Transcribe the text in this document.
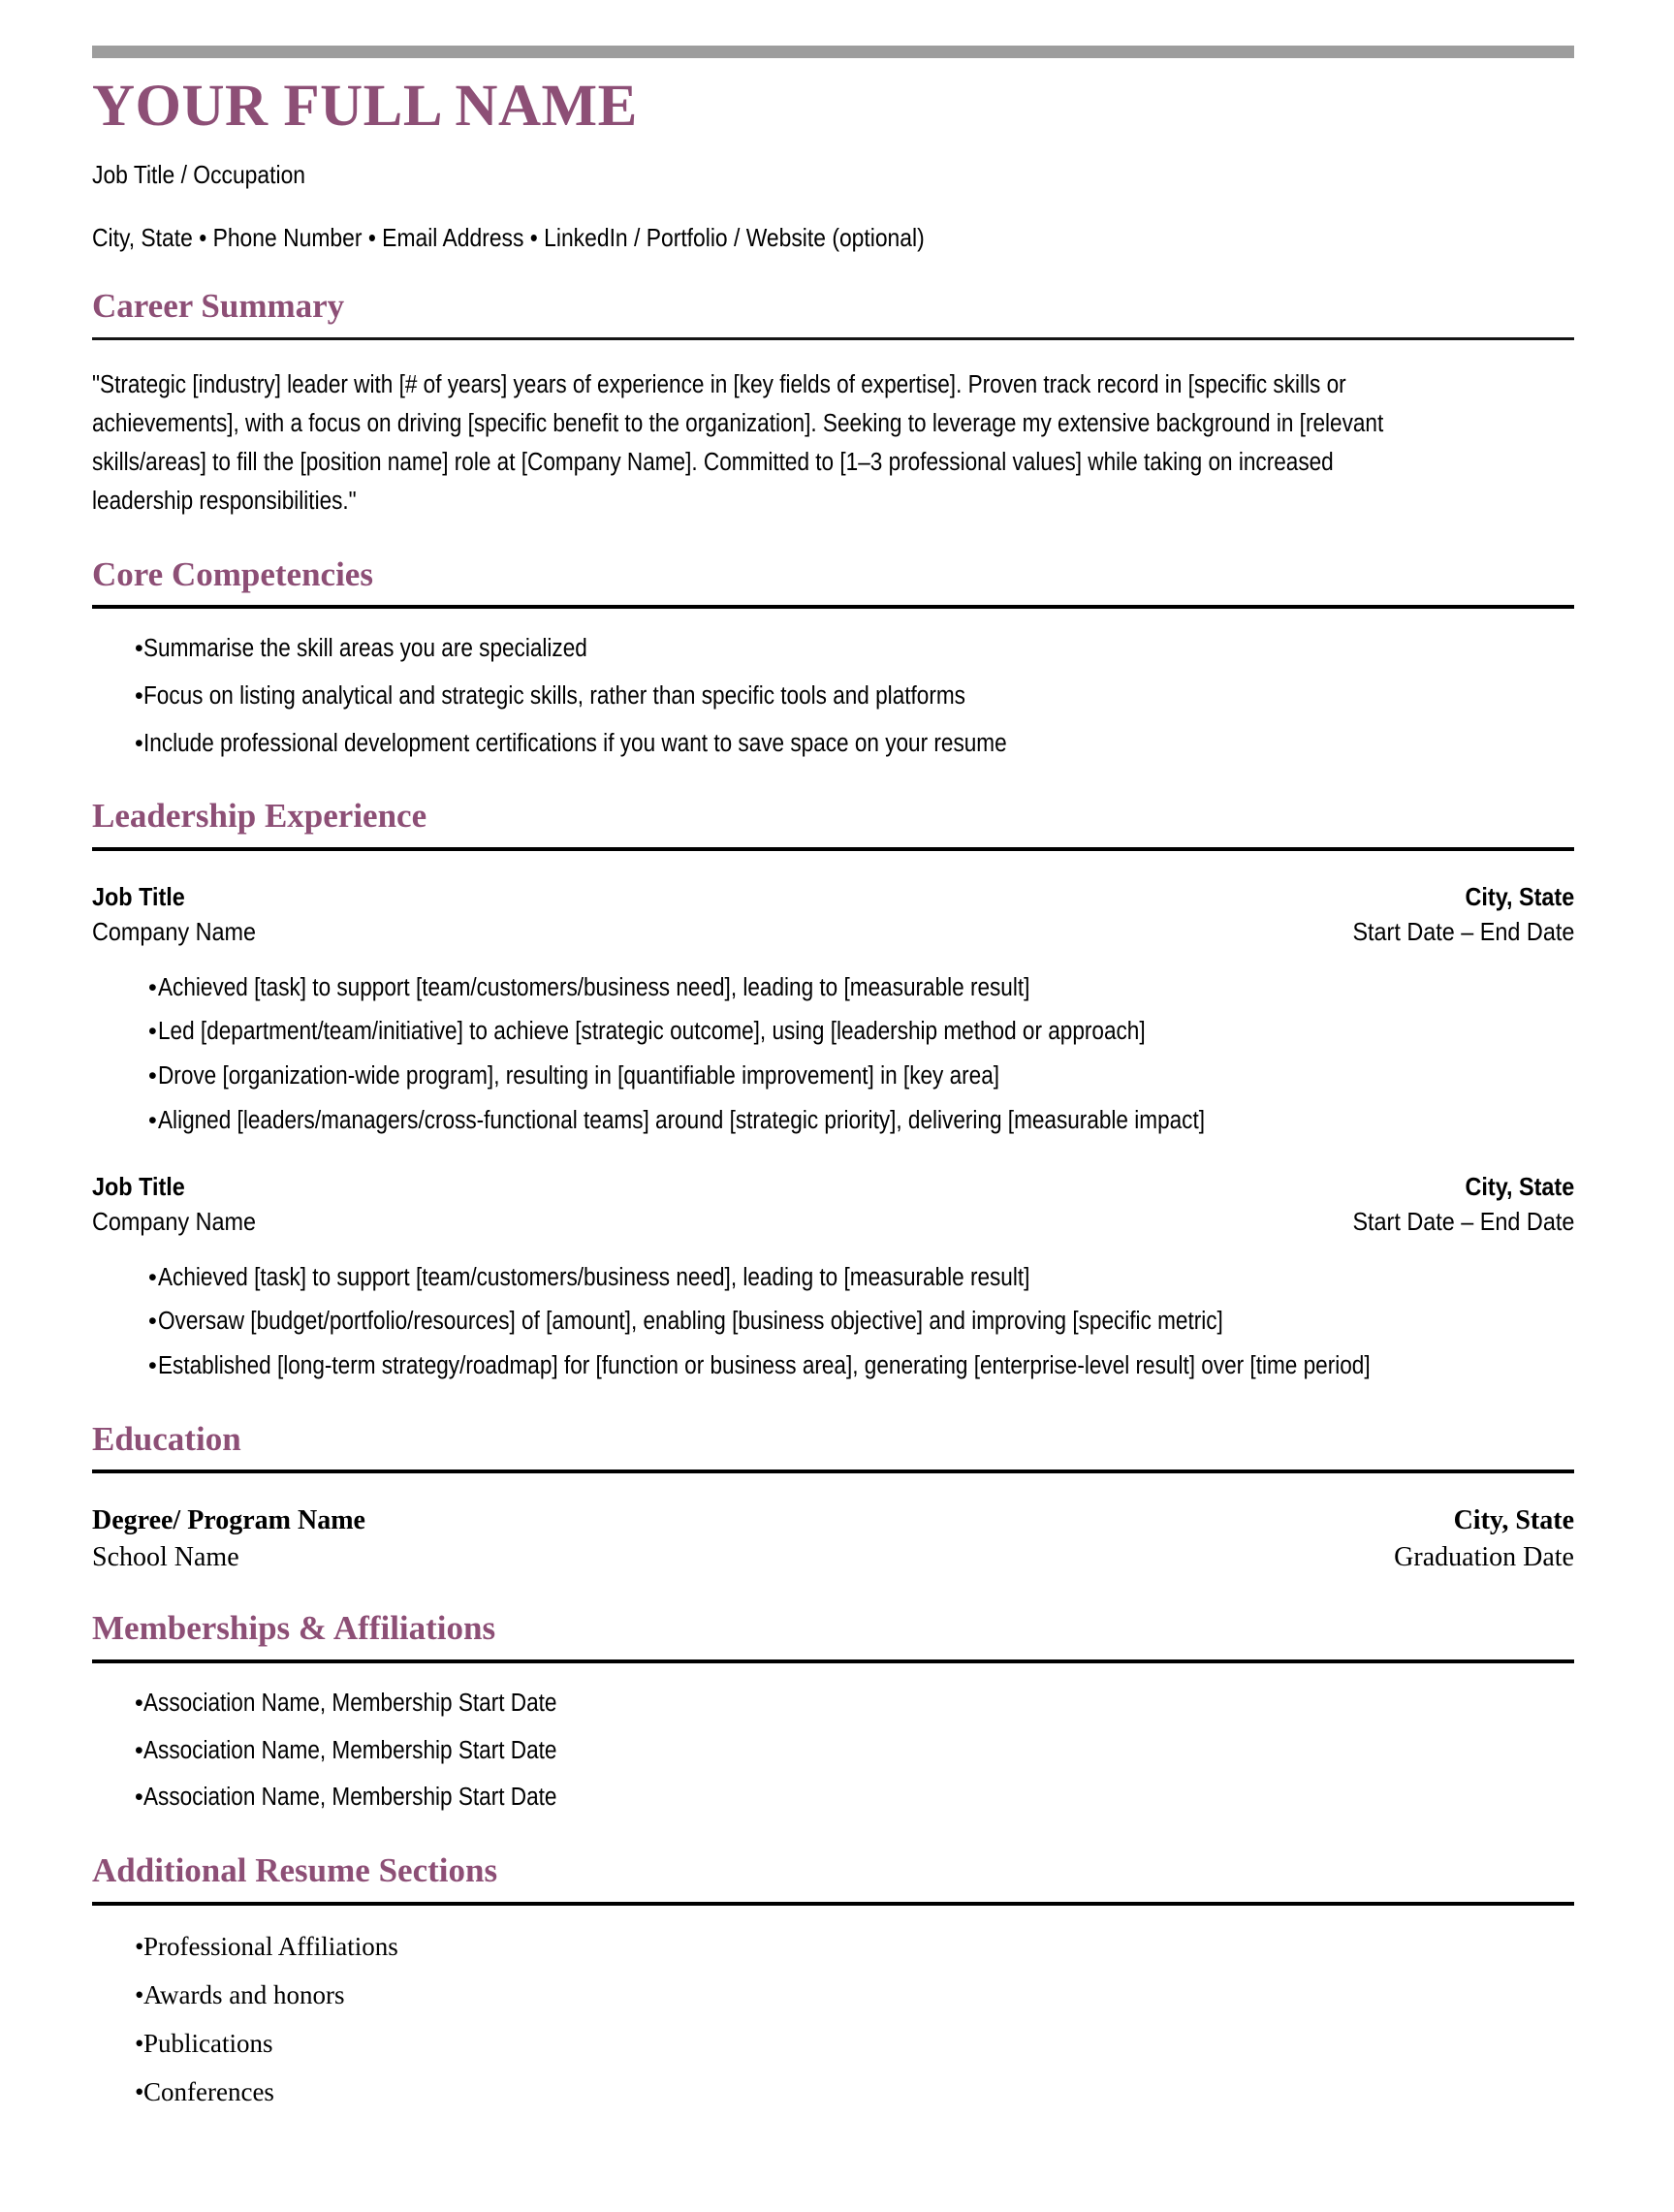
YOUR FULL NAME
Job Title / Occupation
City, State • Phone Number • Email Address • LinkedIn / Portfolio / Website (optional)
Career Summary
"Strategic [industry] leader with [# of years] years of experience in [key fields of expertise]. Proven track record in [specific skills or achievements], with a focus on driving [specific benefit to the organization]. Seeking to leverage my extensive background in [relevant skills/areas] to fill the [position name] role at [Company Name]. Committed to [1–3 professional values] while taking on increased leadership responsibilities."
Core Competencies
• Summarise the skill areas you are specialized
• Focus on listing analytical and strategic skills, rather than specific tools and platforms
• Include professional development certifications if you want to save space on your resume
Leadership Experience
Job Title	City, State
Company Name	Start Date – End Date
• Achieved [task] to support [team/customers/business need], leading to [measurable result]
• Led [department/team/initiative] to achieve [strategic outcome], using [leadership method or approach]
• Drove [organization-wide program], resulting in [quantifiable improvement] in [key area]
• Aligned [leaders/managers/cross-functional teams] around [strategic priority], delivering [measurable impact]
Job Title	City, State
Company Name	Start Date – End Date
• Achieved [task] to support [team/customers/business need], leading to [measurable result]
• Oversaw [budget/portfolio/resources] of [amount], enabling [business objective] and improving [specific metric]
• Established [long-term strategy/roadmap] for [function or business area], generating [enterprise-level result] over [time period]
Education
Degree/ Program Name	City, State
School Name	Graduation Date
Memberships & Affiliations
• Association Name, Membership Start Date
• Association Name, Membership Start Date
• Association Name, Membership Start Date
Additional Resume Sections
• Professional Affiliations
• Awards and honors
• Publications
• Conferences
